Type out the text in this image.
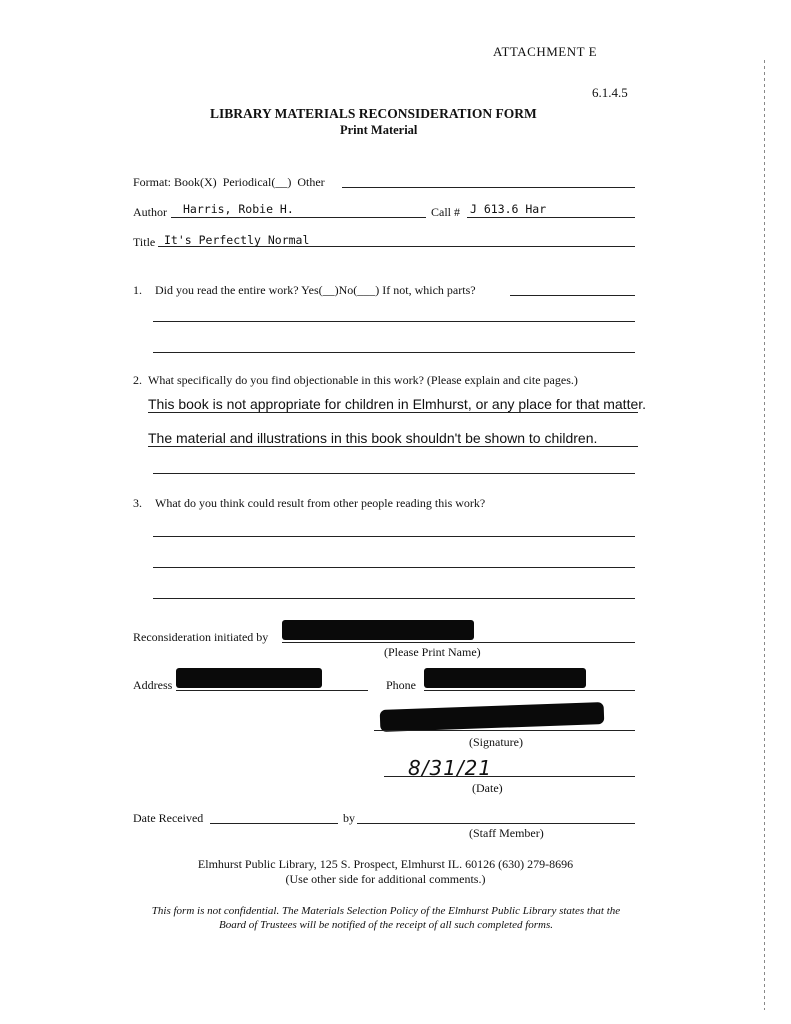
ATTACHMENT E
6.1.4.5
LIBRARY MATERIALS RECONSIDERATION FORM
Print Material
Format: Book(X) Periodical(__) Other
Author Harris, Robie H.	Call # J 613.6 Har
Title It's Perfectly Normal
1. Did you read the entire work? Yes(__)No(___) If not, which parts?
2. What specifically do you find objectionable in this work? (Please explain and cite pages.)
This book is not appropriate for children in Elmhurst, or any place for that matter.
The material and illustrations in this book shouldn't be shown to children.
3. What do you think could result from other people reading this work?
Reconsideration initiated by
(Please Print Name)
Address	Phone
(Signature)
8/31/21
(Date)
Date Received	by
(Staff Member)
Elmhurst Public Library, 125 S. Prospect, Elmhurst IL. 60126 (630) 279-8696
(Use other side for additional comments.)
This form is not confidential. The Materials Selection Policy of the Elmhurst Public Library states that the
Board of Trustees will be notified of the receipt of all such completed forms.
